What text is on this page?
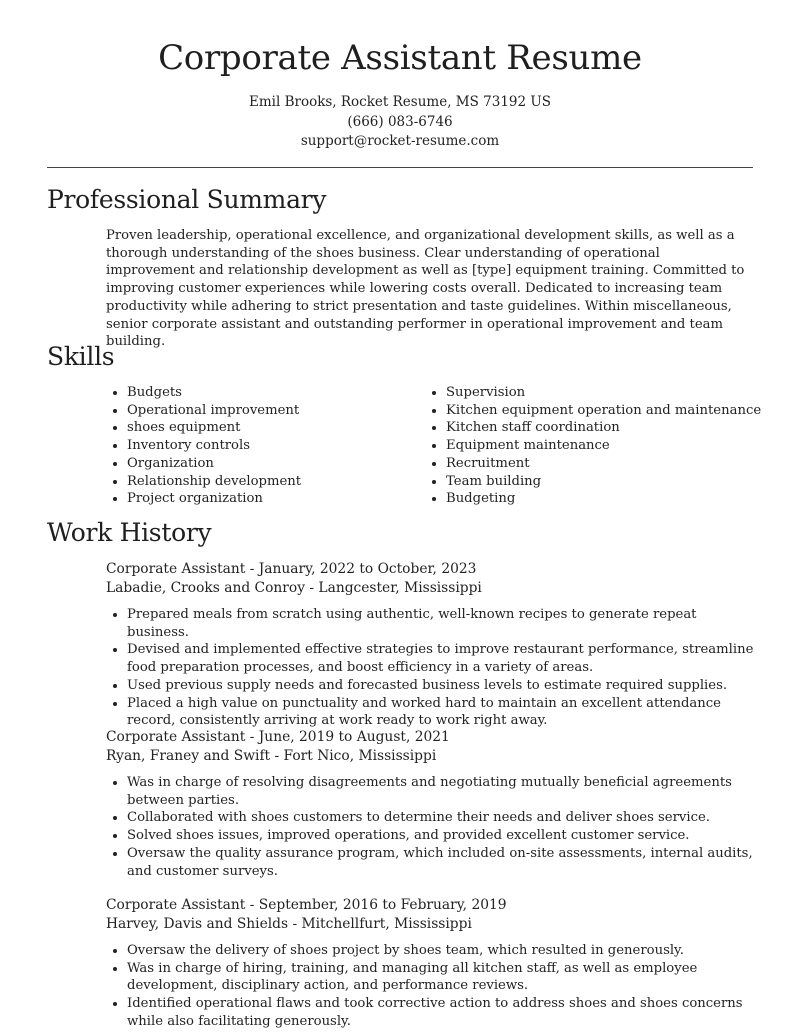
Corporate Assistant Resume
Emil Brooks, Rocket Resume, MS 73192 US
(666) 083-6746
support@rocket-resume.com
Professional Summary

Proven leadership, operational excellence, and organizational development skills, as well as a thorough understanding of the shoes business. Clear understanding of operational improvement and relationship development as well as [type] equipment training. Committed to improving customer experiences while lowering costs overall. Dedicated to increasing team productivity while adhering to strict presentation and taste guidelines. Within miscellaneous, senior corporate assistant and outstanding performer in operational improvement and team building.

Skills
• Budgets
• Operational improvement
• shoes equipment
• Inventory controls
• Organization
• Relationship development
• Project organization
• Supervision
• Kitchen equipment operation and maintenance
• Kitchen staff coordination
• Equipment maintenance
• Recruitment
• Team building
• Budgeting
Work History

Corporate Assistant - January, 2022 to October, 2023

Labadie, Crooks and Conroy - Langcester, Mississippi

• Prepared meals from scratch using authentic, well-known recipes to generate repeat business.
• Devised and implemented effective strategies to improve restaurant performance, streamline food preparation processes, and boost efficiency in a variety of areas.
• Used previous supply needs and forecasted business levels to estimate required supplies.
• Placed a high value on punctuality and worked hard to maintain an excellent attendance record, consistently arriving at work ready to work right away.

Corporate Assistant - June, 2019 to August, 2021

Ryan, Franey and Swift - Fort Nico, Mississippi

• Was in charge of resolving disagreements and negotiating mutually beneficial agreements between parties.
• Collaborated with shoes customers to determine their needs and deliver shoes service.
• Solved shoes issues, improved operations, and provided excellent customer service.
• Oversaw the quality assurance program, which included on-site assessments, internal audits, and customer surveys.

Corporate Assistant - September, 2016 to February, 2019

Harvey, Davis and Shields - Mitchellfurt, Mississippi

• Oversaw the delivery of shoes project by shoes team, which resulted in generously.
• Was in charge of hiring, training, and managing all kitchen staff, as well as employee development, disciplinary action, and performance reviews.
• Identified operational flaws and took corrective action to address shoes and shoes concerns while also facilitating generously.
